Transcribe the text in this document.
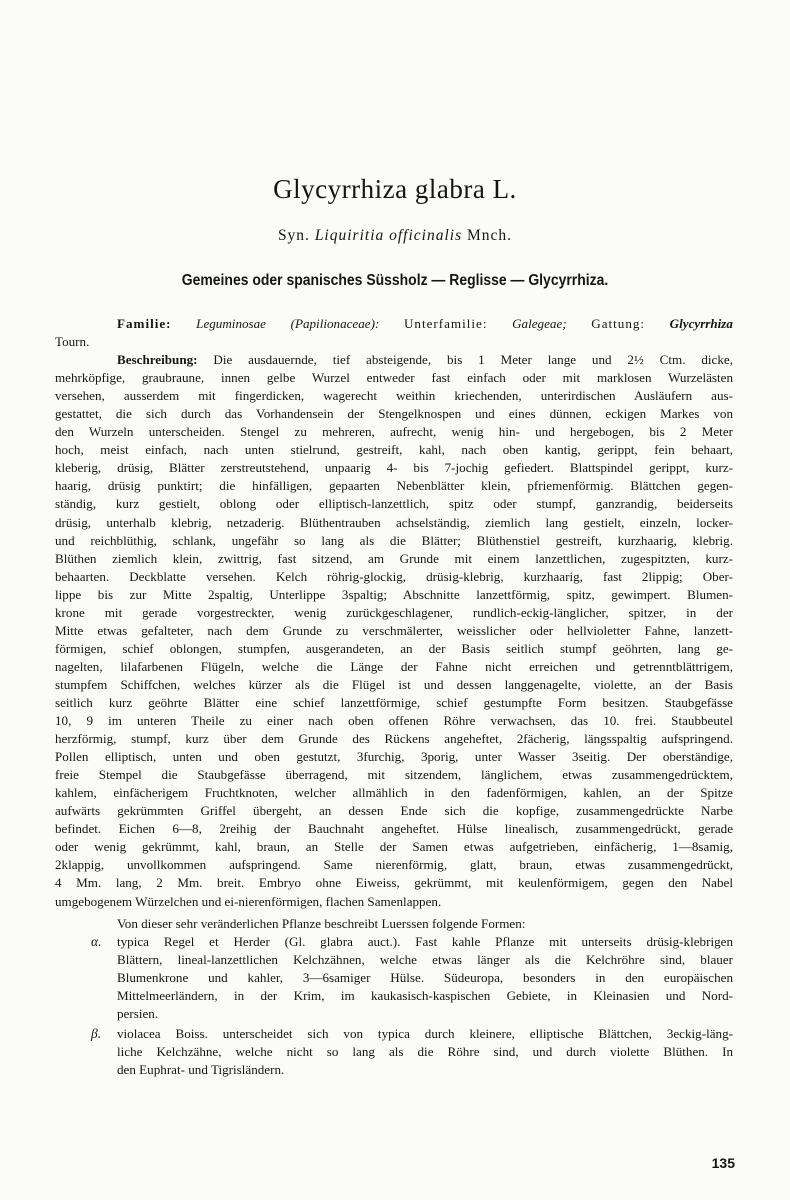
Glycyrrhiza glabra L.
Syn. Liquiritia officinalis Mnch.
Gemeines oder spanisches Süssholz — Reglisse — Glycyrrhiza.
Familie: Leguminosae (Papilionaceae): Unterfamilie: Galegeae; Gattung: Glycyrrhiza
Tourn.
Beschreibung: Die ausdauernde, tief absteigende, bis 1 Meter lange und 2½ Ctm. dicke,
mehrköpfige, graubraune, innen gelbe Wurzel entweder fast einfach oder mit marklosen Wurzelästen
versehen, ausserdem mit fingerdicken, wagerecht weithin kriechenden, unterirdischen Ausläufern aus-
gestattet, die sich durch das Vorhandensein der Stengelknospen und eines dünnen, eckigen Markes von
den Wurzeln unterscheiden. Stengel zu mehreren, aufrecht, wenig hin- und hergebogen, bis 2 Meter
hoch, meist einfach, nach unten stielrund, gestreift, kahl, nach oben kantig, gerippt, fein behaart,
kleberig, drüsig, Blätter zerstreutstehend, unpaarig 4- bis 7-jochig gefiedert. Blattspindel gerippt, kurz-
haarig, drüsig punktirt; die hinfälligen, gepaarten Nebenblätter klein, pfriemenförmig. Blättchen gegen-
ständig, kurz gestielt, oblong oder elliptisch-lanzettlich, spitz oder stumpf, ganzrandig, beiderseits
drüsig, unterhalb klebrig, netzaderig. Blüthentrauben achselständig, ziemlich lang gestielt, einzeln, locker-
und reichblüthig, schlank, ungefähr so lang als die Blätter; Blüthenstiel gestreift, kurzhaarig, klebrig.
Blüthen ziemlich klein, zwittrig, fast sitzend, am Grunde mit einem lanzettlichen, zugespitzten, kurz-
behaarten. Deckblatte versehen. Kelch röhrig-glockig, drüsig-klebrig, kurzhaarig, fast 2lippig; Ober-
lippe bis zur Mitte 2spaltig, Unterlippe 3spaltig; Abschnitte lanzettförmig, spitz, gewimpert. Blumen-
krone mit gerade vorgestreckter, wenig zurückgeschlagener, rundlich-eckig-länglicher, spitzer, in der
Mitte etwas gefalteter, nach dem Grunde zu verschmälerter, weisslicher oder hellvioletter Fahne, lanzett-
förmigen, schief oblongen, stumpfen, ausgerandeten, an der Basis seitlich stumpf geöhrten, lang ge-
nagelten, lilafarbenen Flügeln, welche die Länge der Fahne nicht erreichen und getrenntblättrigem,
stumpfem Schiffchen, welches kürzer als die Flügel ist und dessen langgenagelte, violette, an der Basis
seitlich kurz geöhrte Blätter eine schief lanzettförmige, schief gestumpfte Form besitzen. Staubgefässe
10, 9 im unteren Theile zu einer nach oben offenen Röhre verwachsen, das 10. frei. Staubbeutel
herzförmig, stumpf, kurz über dem Grunde des Rückens angeheftet, 2fächerig, längsspaltig aufspringend.
Pollen elliptisch, unten und oben gestutzt, 3furchig, 3porig, unter Wasser 3seitig. Der oberständige,
freie Stempel die Staubgefässe überragend, mit sitzendem, länglichem, etwas zusammengedrücktem,
kahlem, einfächerigem Fruchtknoten, welcher allmählich in den fadenförmigen, kahlen, an der Spitze
aufwärts gekrümmten Griffel übergeht, an dessen Ende sich die kopfige, zusammengedrückte Narbe
befindet. Eichen 6—8, 2reihig der Bauchnaht angeheftet. Hülse linealisch, zusammengedrückt, gerade
oder wenig gekrümmt, kahl, braun, an Stelle der Samen etwas aufgetrieben, einfächerig, 1—8samig,
2klappig, unvollkommen aufspringend. Same nierenförmig, glatt, braun, etwas zusammengedrückt,
4 Mm. lang, 2 Mm. breit. Embryo ohne Eiweiss, gekrümmt, mit keulenförmigem, gegen den Nabel
umgebogenem Würzelchen und ei-nierenförmigen, flachen Samenlappen.
Von dieser sehr veränderlichen Pflanze beschreibt Luerssen folgende Formen:
α. typica Regel et Herder (Gl. glabra auct.). Fast kahle Pflanze mit unterseits drüsig-klebrigen
Blättern, lineal-lanzettlichen Kelchzähnen, welche etwas länger als die Kelchröhre sind, blauer
Blumenkrone und kahler, 3—6samiger Hülse. Südeuropa, besonders in den europäischen
Mittelmeerländern, in der Krim, im kaukasisch-kaspischen Gebiete, in Kleinasien und Nord-
persien.
β. violacea Boiss. unterscheidet sich von typica durch kleinere, elliptische Blättchen, 3eckig-läng-
liche Kelchzähne, welche nicht so lang als die Röhre sind, und durch violette Blüthen. In
den Euphrat- und Tigrisländern.
135
